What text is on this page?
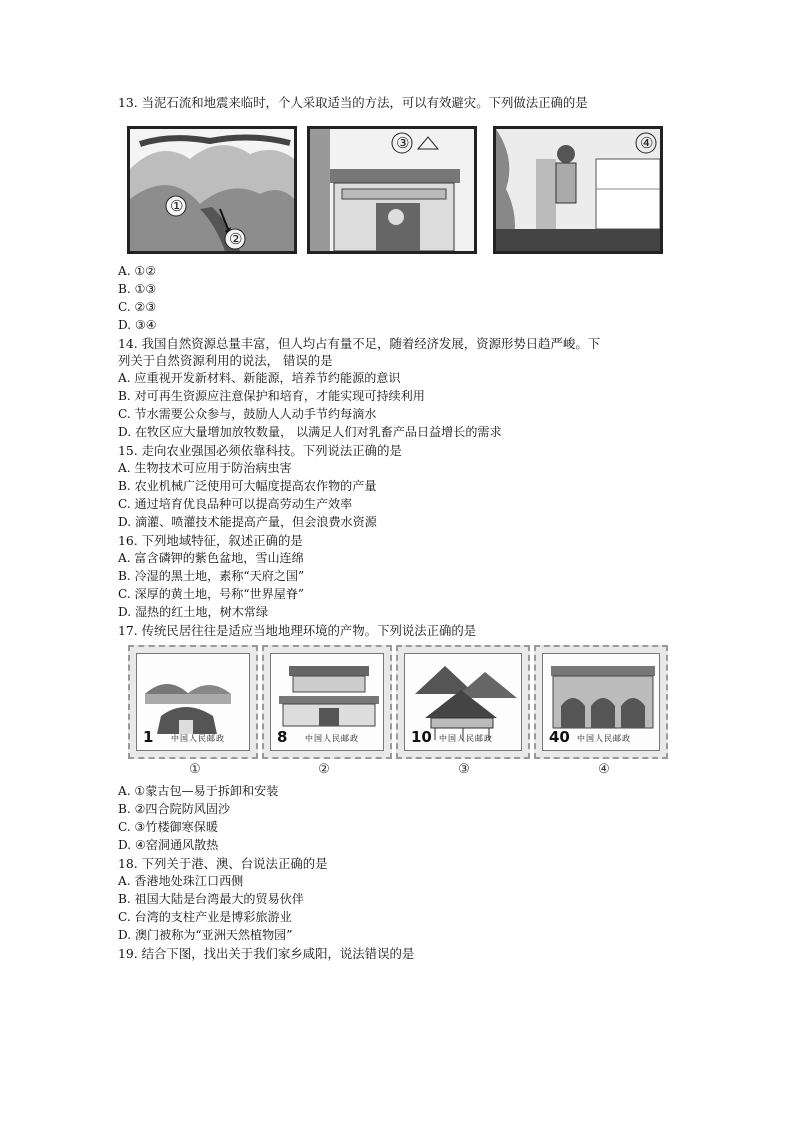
13. 当泥石流和地震来临时，个人采取适当的方法，可以有效避灾。下列做法正确的是
①
②
③	④
A. ①②
B. ①③
C. ②③
D. ③④
14. 我国自然资源总量丰富，但人均占有量不足，随着经济发展，资源形势日趋严峻。下
列关于自然资源利用的说法， 错误的是
A. 应重视开发新材料、新能源，培养节约能源的意识
B. 对可再生资源应注意保护和培育，才能实现可持续利用
C. 节水需要公众参与，鼓励人人动手节约每滴水
D. 在牧区应大量增加放牧数量， 以满足人们对乳畜产品日益增长的需求
15. 走向农业强国必须依靠科技。下列说法正确的是
A. 生物技术可应用于防治病虫害
B. 农业机械广泛使用可大幅度提高农作物的产量
C. 通过培育优良品种可以提高劳动生产效率
D. 滴灌、喷灌技术能提高产量，但会浪费水资源
16. 下列地域特征，叙述正确的是
A. 富含磷钾的紫色盆地，雪山连绵
B. 冷湿的黑土地，素称“天府之国”
C. 深厚的黄土地，号称“世界屋脊”
D. 湿热的红土地，树木常绿
17. 传统民居往往是适应当地地理环境的产物。下列说法正确的是
1 中国人民邮政	8 中国人民邮政	10 中国人民邮政	40 中国人民邮政
①	②	③	④
A. ①蒙古包—易于拆卸和安装
B. ②四合院防风固沙
C. ③竹楼御寒保暖
D. ④窑洞通风散热
18. 下列关于港、澳、台说法正确的是
A. 香港地处珠江口西侧
B. 祖国大陆是台湾最大的贸易伙伴
C. 台湾的支柱产业是博彩旅游业
D. 澳门被称为“亚洲天然植物园”
19. 结合下图，找出关于我们家乡咸阳，说法错误的是
